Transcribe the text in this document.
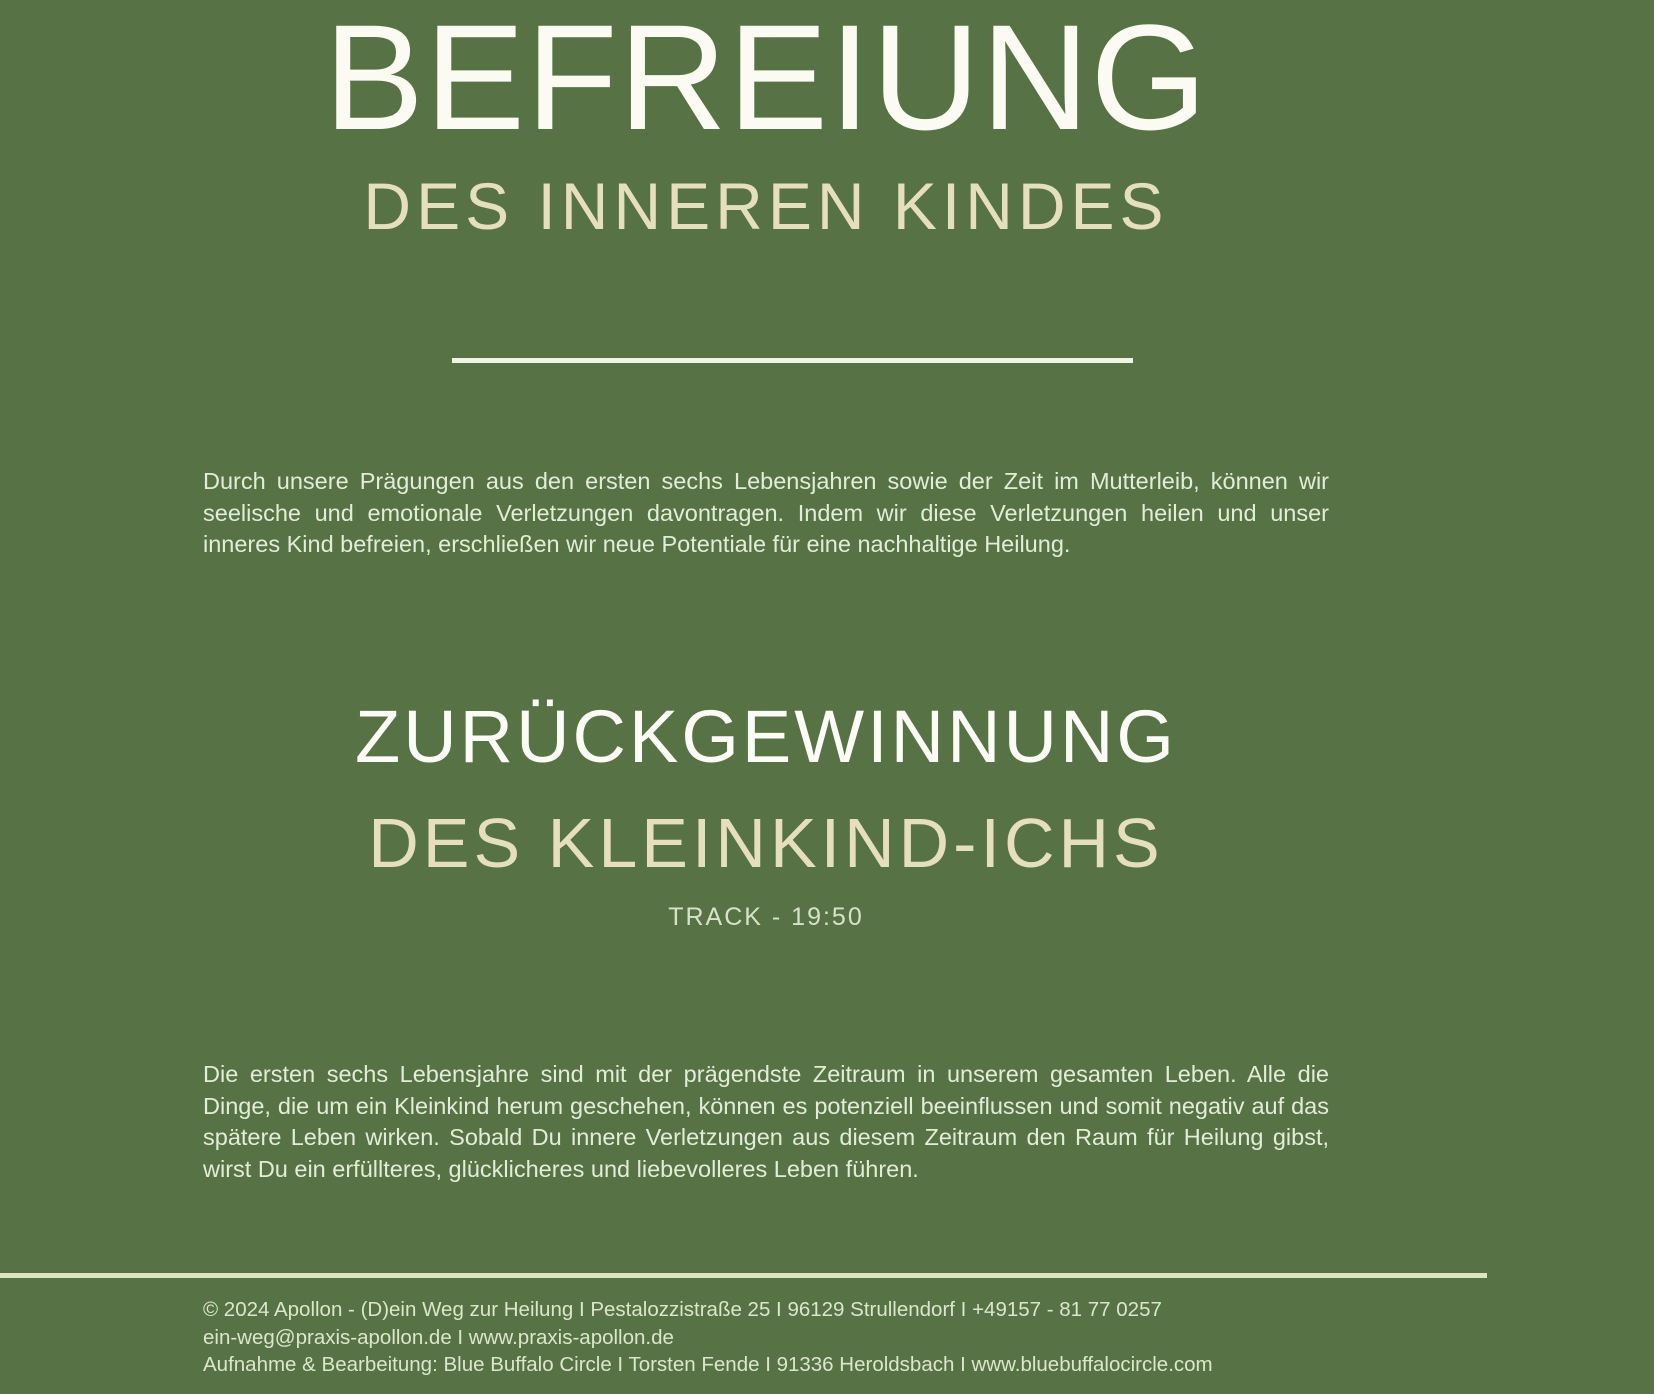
BEFREIUNG
DES INNEREN KINDES
Durch unsere Prägungen aus den ersten sechs Lebensjahren sowie der Zeit im Mutterleib, können wir seelische und emotionale Verletzungen davontragen. Indem wir diese Verletzungen heilen und unser inneres Kind befreien, erschließen wir neue Potentiale für eine nachhaltige Heilung.
ZURÜCKGEWINNUNG
DES KLEINKIND-ICHS
TRACK - 19:50
Die ersten sechs Lebensjahre sind mit der prägendste Zeitraum in unserem gesamten Leben. Alle die Dinge, die um ein Kleinkind herum geschehen, können es potenziell beeinflussen und somit negativ auf das spätere Leben wirken. Sobald Du innere Verletzungen aus diesem Zeitraum den Raum für Heilung gibst, wirst Du ein erfüllteres, glücklicheres und liebevolleres Leben führen.
© 2024 Apollon - (D)ein Weg zur Heilung I Pestalozzistraße 25 I 96129 Strullendorf I +49157 - 81 77 0257
ein-weg@praxis-apollon.de I www.praxis-apollon.de
Aufnahme & Bearbeitung: Blue Buffalo Circle I Torsten Fende I 91336 Heroldsbach I www.bluebuffalocircle.com
